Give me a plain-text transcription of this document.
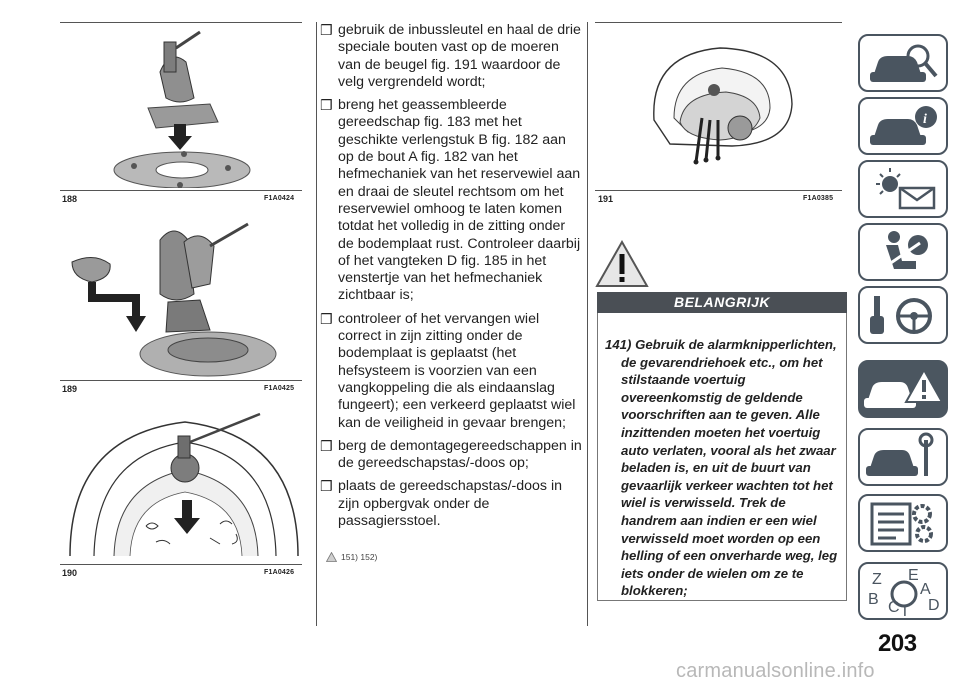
188	F1A0424
189	F1A0425
190	F1A0426
❒ gebruik de inbussleutel en haal de drie speciale bouten vast op de moeren van de beugel fig. 191 waardoor de velg vergrendeld wordt;
❒ breng het geassembleerde gereedschap fig. 183 met het geschikte verlengstuk B fig. 182 aan op de bout A fig. 182 van het hefmechaniek van het reservewiel aan en draai de sleutel rechtsom om het reservewiel omhoog te laten komen totdat het volledig in de zitting onder de bodemplaat rust. Controleer daarbij of het vangteken D fig. 185 in het venstertje van het hefmechaniek zichtbaar is;
❒ controleer of het vervangen wiel correct in zijn zitting onder de bodemplaat is geplaatst (het hefsysteem is voorzien van een vangkoppeling die als eindaanslag fungeert); een verkeerd geplaatst wiel kan de veiligheid in gevaar brengen;
❒ berg de demontagegereedschappen in de gereedschapstas/-doos op;
❒ plaats de gereedschapstas/-doos in zijn opbergvak onder de passagiersstoel.
151) 152)
191	F1A0385
BELANGRIJK
141) Gebruik de alarmknipperlichten,
de gevarendriehoek etc., om het stilstaande voertuig overeenkomstig de geldende voorschriften aan te geven. Alle inzittenden moeten het voertuig auto verlaten, vooral als het zwaar beladen is, en uit de buurt van gevaarlijk verkeer wachten tot het wiel is verwisseld. Trek de handrem aan indien er een wiel verwisseld moet worden op een helling of een onverharde weg, leg iets onder de wielen om ze te blokkeren;
i
Z E
A
B C T D
203
carmanualsonline.info
